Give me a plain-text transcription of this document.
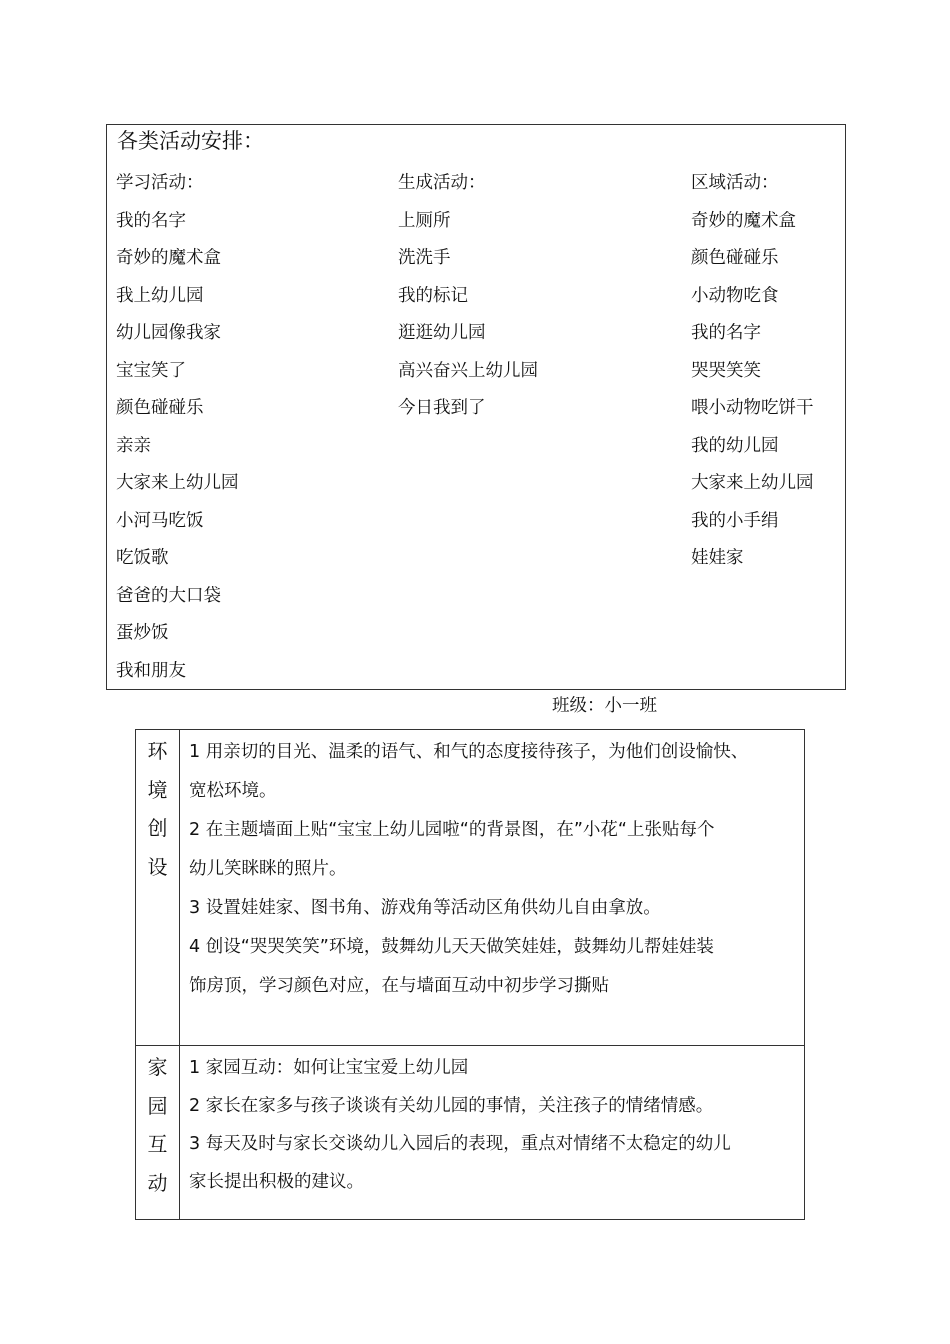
各类活动安排：
学习活动：
我的名字
奇妙的魔术盒
我上幼儿园
幼儿园像我家
宝宝笑了
颜色碰碰乐
亲亲
大家来上幼儿园
小河马吃饭
吃饭歌
爸爸的大口袋
蛋炒饭
我和朋友
生成活动：
上厕所
洗洗手
我的标记
逛逛幼儿园
高兴奋兴上幼儿园
今日我到了
区域活动：
奇妙的魔术盒
颜色碰碰乐
小动物吃食
我的名字
哭哭笑笑
喂小动物吃饼干
我的幼儿园
大家来上幼儿园
我的小手绢
娃娃家
班级：小一班
环
境
创
设
1 用亲切的目光、温柔的语气、和气的态度接待孩子，为他们创设愉快、
宽松环境。
2 在主题墙面上贴“宝宝上幼儿园啦“的背景图，在”小花“上张贴每个
幼儿笑眯眯的照片。
3 设置娃娃家、图书角、游戏角等活动区角供幼儿自由拿放。
4 创设“哭哭笑笑”环境，鼓舞幼儿天天做笑娃娃，鼓舞幼儿帮娃娃装
饰房顶，学习颜色对应，在与墙面互动中初步学习撕贴
家
园
互
动
1 家园互动：如何让宝宝爱上幼儿园
2 家长在家多与孩子谈谈有关幼儿园的事情，关注孩子的情绪情感。
3 每天及时与家长交谈幼儿入园后的表现，重点对情绪不太稳定的幼儿
家长提出积极的建议。
